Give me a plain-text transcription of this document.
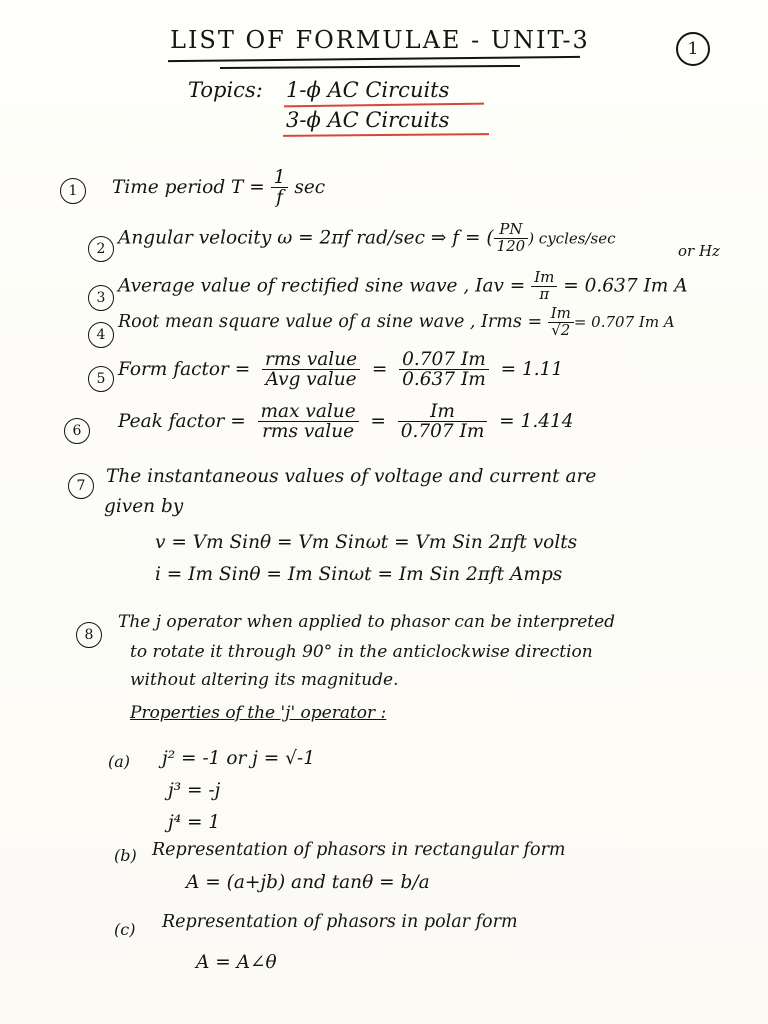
LIST OF FORMULAE - UNIT-3	1
Topics: 1-ϕ AC Circuits
3-ϕ AC Circuits
1	Time period $T = \frac{1}{f}$ sec
2
Angular velocity ω = 2πf rad/sec ⇒ f = ( $\frac{PN}{120}$ ) cycles/sec
or Hz
3
Average value of rectified sine wave , Iav = $\frac{Im}{\pi} = 0.637$ Im A
4
Root mean square value of a sine wave , Irms = $\frac{Im}{√2} = 0.707$ Im A
5 Form factor = $\frac{\text{rms value}}{\text{Avg value}} = \frac{0.707 Im}{0.637 Im} = 1.11$
6	Peak factor = $\frac{\text{max value}}{\text{rms value}} = \frac{Im}{0.707 Im} = 1.414$
7	The instantaneous values of voltage and current are
given by
v = Vm Sinθ = Vm Sinωt = Vm Sin 2πft volts
i = Im Sinθ = Im Sinωt = Im Sin 2πft Amps
8
The j operator when applied to phasor can be interpreted
to rotate it through 90° in the anticlockwise direction
without altering its magnitude.
Properties of the 'j' operator :
(a) j² = -1 or j = √-1
j³ = -j
j⁴ = 1
(b) Representation of phasors in rectangular form
A = (a+jb) and tanθ = b/a
(c) Representation of phasors in polar form
A = A∠θ
